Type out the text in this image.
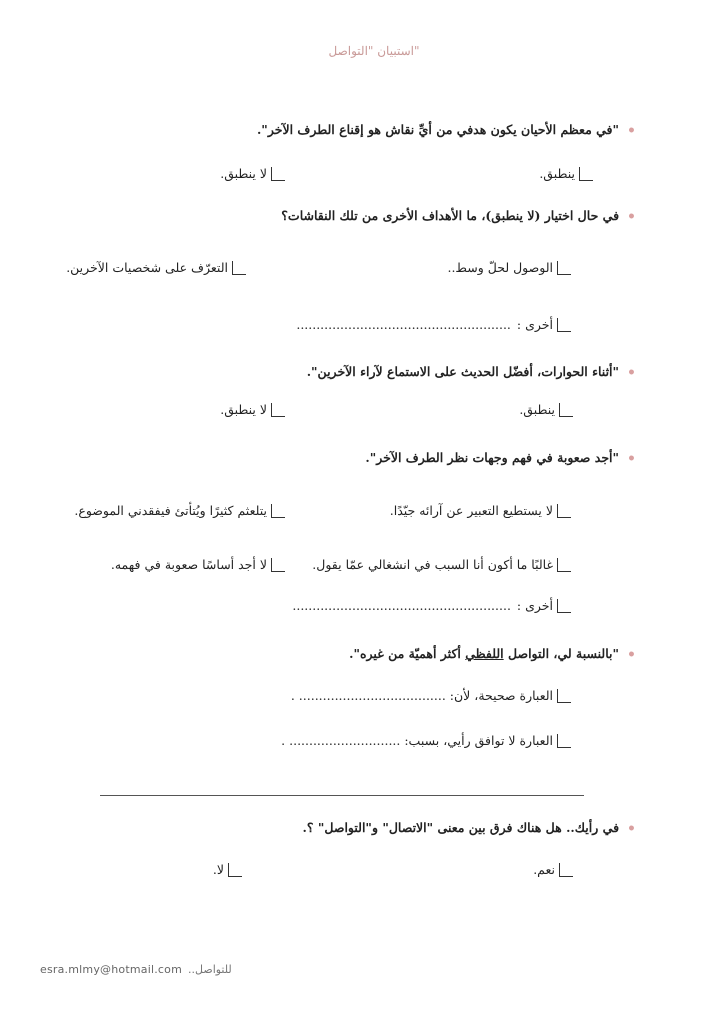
استبيان "التواصل"
•"في معظم الأحيان يكون هدفي من أيِّ نقاش هو إقناع الطرف الآخر".
ينطبق.
لا ينطبق.
•في حال اختيار (لا ينطبق)، ما الأهداف الأخرى من تلك النقاشات؟
الوصول لحلّ وسط..
التعرّف على شخصيات الآخرين.
أخرى :
......................................................
•"أثناء الحوارات، أفضّل الحديث على الاستماع لآراء الآخرين".
ينطبق.
لا ينطبق.
•"أجد صعوبة في فهم وجهات نظر الطرف الآخر".
لا يستطيع التعبير عن آرائه جيّدًا.
يتلعثم كثيرًا ويُتأتئ فيفقدني الموضوع.
غالبًا ما أكون أنا السبب في انشغالي عمّا يقول.
لا أجد أساسًا صعوبة في فهمه.
أخرى :
.......................................................
•"بالنسبة لي، التواصل اللفظي أكثر أهميّة من غيره".
العبارة صحيحة، لأن: ..................................... .
العبارة لا توافق رأيي، بسبب: ............................ .
•في رأيك.. هل هناك فرق بين معنى "الاتصال" و"التواصل" ؟.
نعم.
لا.
esra.mlmy@hotmail.com للتواصل..
